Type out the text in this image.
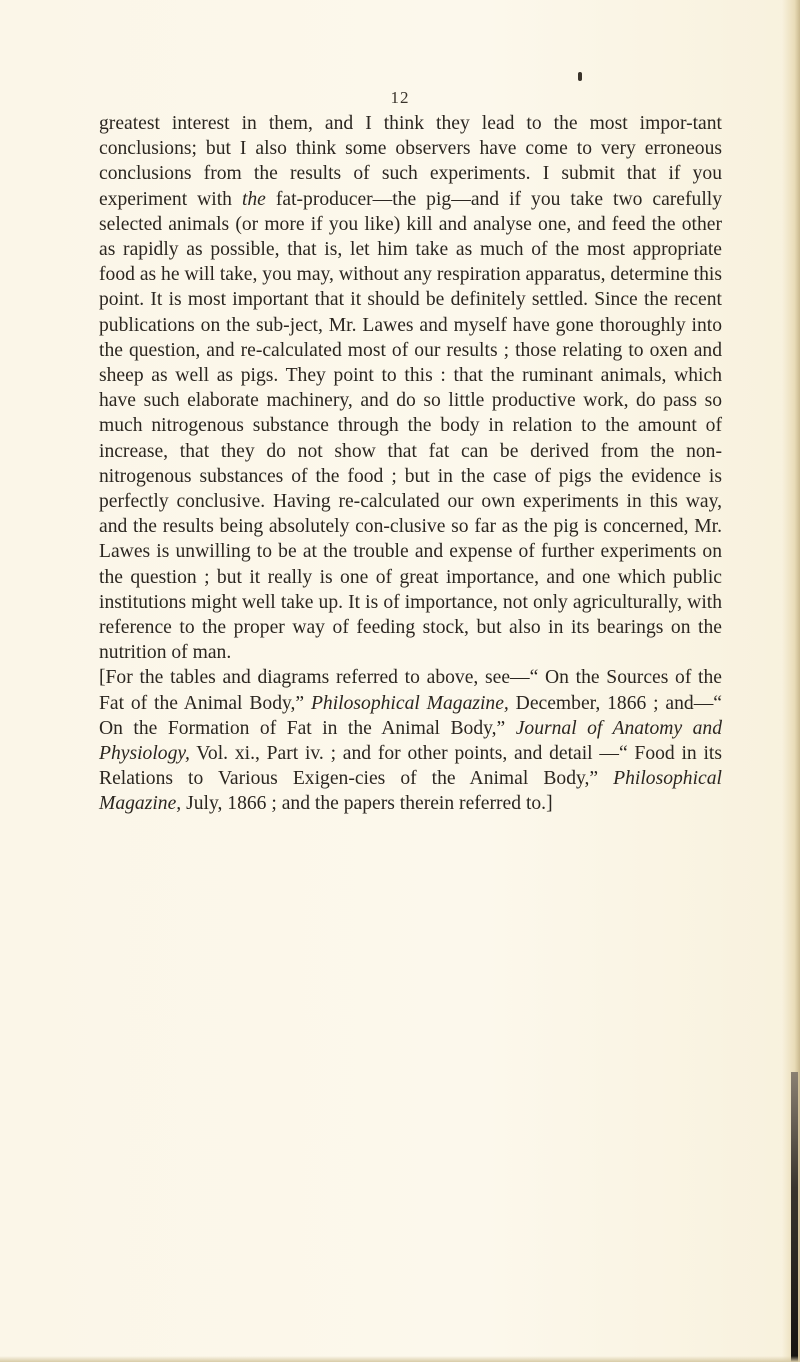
12

greatest interest in them, and I think they lead to the most impor-tant conclusions; but I also think some observers have come to very erroneous conclusions from the results of such experiments. I submit that if you experiment with the fat-producer—the pig—and if you take two carefully selected animals (or more if you like) kill and analyse one, and feed the other as rapidly as possible, that is, let him take as much of the most appropriate food as he will take, you may, without any respiration apparatus, determine this point. It is most important that it should be definitely settled. Since the recent publications on the sub-ject, Mr. Lawes and myself have gone thoroughly into the question, and re-calculated most of our results ; those relating to oxen and sheep as well as pigs. They point to this : that the ruminant animals, which have such elaborate machinery, and do so little productive work, do pass so much nitrogenous substance through the body in relation to the amount of increase, that they do not show that fat can be derived from the non-nitrogenous substances of the food ; but in the case of pigs the evidence is perfectly conclusive. Having re-calculated our own experiments in this way, and the results being absolutely con-clusive so far as the pig is concerned, Mr. Lawes is unwilling to be at the trouble and expense of further experiments on the question ; but it really is one of great importance, and one which public institutions might well take up. It is of importance, not only agriculturally, with reference to the proper way of feeding stock, but also in its bearings on the nutrition of man.

[For the tables and diagrams referred to above, see—“ On the Sources of the Fat of the Animal Body,” Philosophical Magazine, December, 1866 ; and—“ On the Formation of Fat in the Animal Body,” Journal of Anatomy and Physiology, Vol. xi., Part iv. ; and for other points, and detail —“ Food in its Relations to Various Exigen-cies of the Animal Body,” Philosophical Magazine, July, 1866 ; and the papers therein referred to.]
